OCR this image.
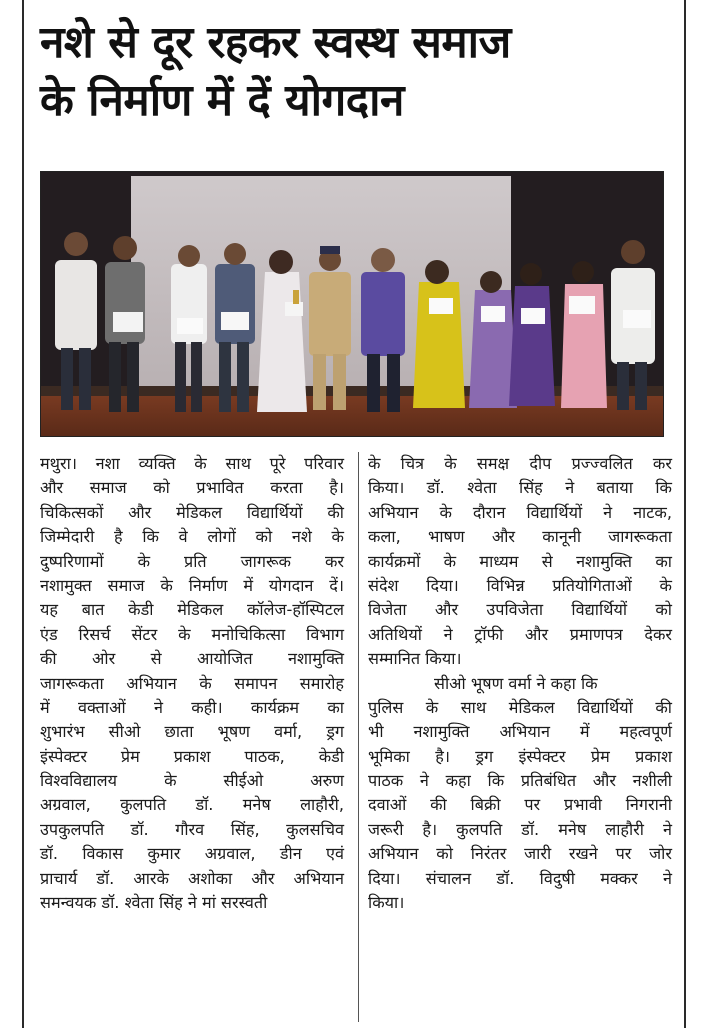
नशे से दूर रहकर स्वस्थ समाज
के निर्माण में दें योगदान
मथुरा। नशा व्यक्ति के साथ पूरे परिवार
और समाज को प्रभावित करता है।
चिकित्सकों और मेडिकल विद्यार्थियों की
जिम्मेदारी है कि वे लोगों को नशे के
दुष्परिणामों के प्रति जागरूक कर
नशामुक्त समाज के निर्माण में योगदान दें।
यह बात केडी मेडिकल कॉलेज-हॉस्पिटल
एंड रिसर्च सेंटर के मनोचिकित्सा विभाग
की ओर से आयोजित नशामुक्ति
जागरूकता अभियान के समापन समारोह
में वक्ताओं ने कही। कार्यक्रम का
शुभारंभ सीओ छाता भूषण वर्मा, ड्रग
इंस्पेक्टर प्रेम प्रकाश पाठक, केडी
विश्वविद्यालय के सीईओ अरुण
अग्रवाल, कुलपति डॉ. मनेष लाहौरी,
उपकुलपति डॉ. गौरव सिंह, कुलसचिव
डॉ. विकास कुमार अग्रवाल, डीन एवं
प्राचार्य डॉ. आरके अशोका और अभियान
समन्वयक डॉ. श्वेता सिंह ने मां सरस्वती
के चित्र के समक्ष दीप प्रज्ज्वलित कर
किया। डॉ. श्वेता सिंह ने बताया कि
अभियान के दौरान विद्यार्थियों ने नाटक,
कला, भाषण और कानूनी जागरूकता
कार्यक्रमों के माध्यम से नशामुक्ति का
संदेश दिया। विभिन्न प्रतियोगिताओं के
विजेता और उपविजेता विद्यार्थियों को
अतिथियों ने ट्रॉफी और प्रमाणपत्र देकर
सम्मानित किया।
सीओ भूषण वर्मा ने कहा कि
पुलिस के साथ मेडिकल विद्यार्थियों की
भी नशामुक्ति अभियान में महत्वपूर्ण
भूमिका है। ड्रग इंस्पेक्टर प्रेम प्रकाश
पाठक ने कहा कि प्रतिबंधित और नशीली
दवाओं की बिक्री पर प्रभावी निगरानी
जरूरी है। कुलपति डॉ. मनेष लाहौरी ने
अभियान को निरंतर जारी रखने पर जोर
दिया। संचालन डॉ. विदुषी मक्कर ने
किया।
